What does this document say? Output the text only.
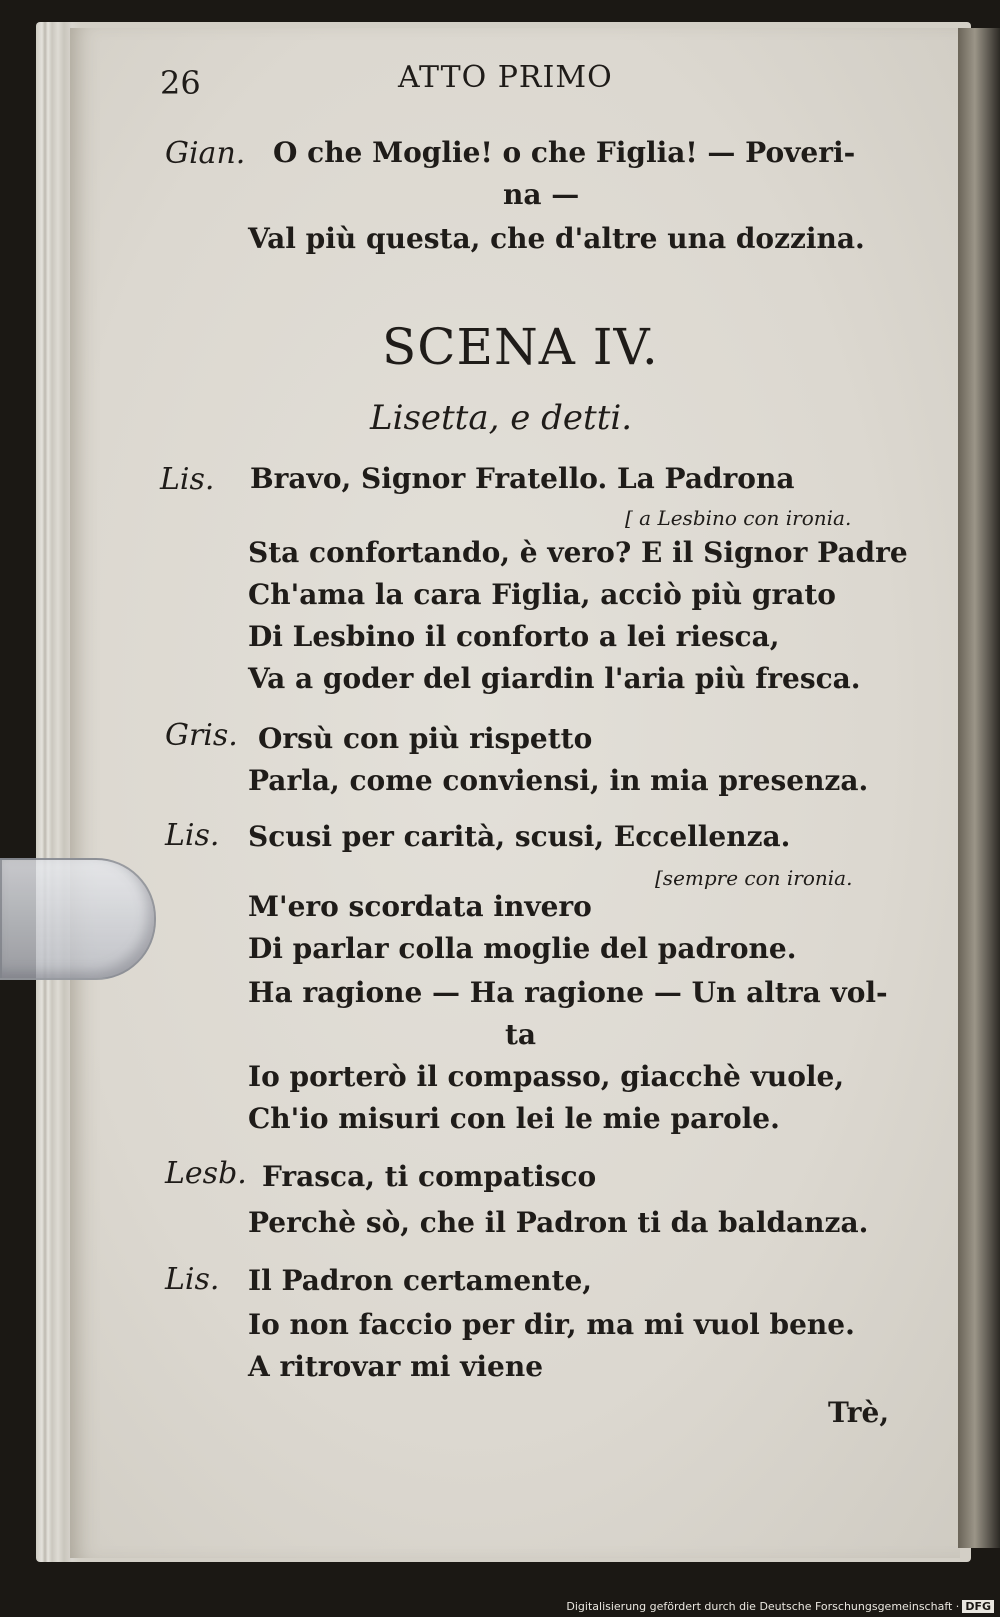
26	ATTO PRIMO
Gian. O che Moglie! o che Figlia! — Poveri-
na —
Val più questa, che d'altre una dozzina.
SCENA IV.
Lisetta, e detti.
Lis. Bravo, Signor Fratello. La Padrona
[ a Lesbino con ironia.
Sta confortando, è vero? E il Signor Padre
Ch'ama la cara Figlia, acciò più grato
Di Lesbino il conforto a lei riesca,
Va a goder del giardin l'aria più fresca.
Gris. Orsù con più rispetto
Parla, come conviensi, in mia presenza.
Lis. Scusi per carità, scusi, Eccellenza.
[sempre con ironia.
M'ero scordata invero
Di parlar colla moglie del padrone.
Ha ragione — Ha ragione — Un altra vol-
ta
Io porterò il compasso, giacchè vuole,
Ch'io misuri con lei le mie parole.
Lesb. Frasca, ti compatisco
Perchè sò, che il Padron ti da baldanza.
Lis. Il Padron certamente,
Io non faccio per dir, ma mi vuol bene.
A ritrovar mi viene
Trè,
Digitalisierung gefördert durch die Deutsche Forschungsgemeinschaft · DFG
